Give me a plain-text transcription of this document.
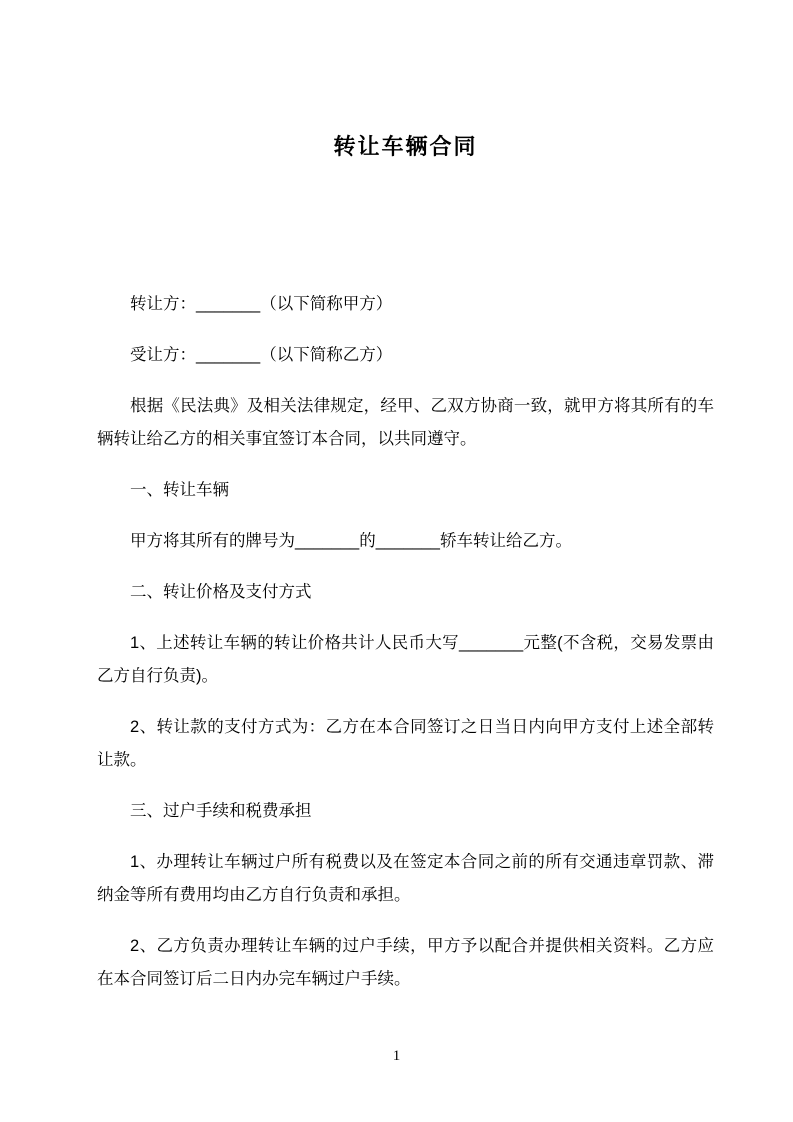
转让车辆合同

转让方：_______（以下简称甲方）

受让方：_______（以下简称乙方）

根据《民法典》及相关法律规定，经甲、乙双方协商一致，就甲方将其所有的车辆转让给乙方的相关事宜签订本合同，以共同遵守。

一、转让车辆

甲方将其所有的牌号为_______的_______轿车转让给乙方。

二、转让价格及支付方式

1、上述转让车辆的转让价格共计人民币大写_______元整(不含税，交易发票由乙方自行负责)。

2、转让款的支付方式为：乙方在本合同签订之日当日内向甲方支付上述全部转让款。

三、过户手续和税费承担

1、办理转让车辆过户所有税费以及在签定本合同之前的所有交通违章罚款、滞纳金等所有费用均由乙方自行负责和承担。

2、乙方负责办理转让车辆的过户手续，甲方予以配合并提供相关资料。乙方应在本合同签订后二日内办完车辆过户手续。

1
